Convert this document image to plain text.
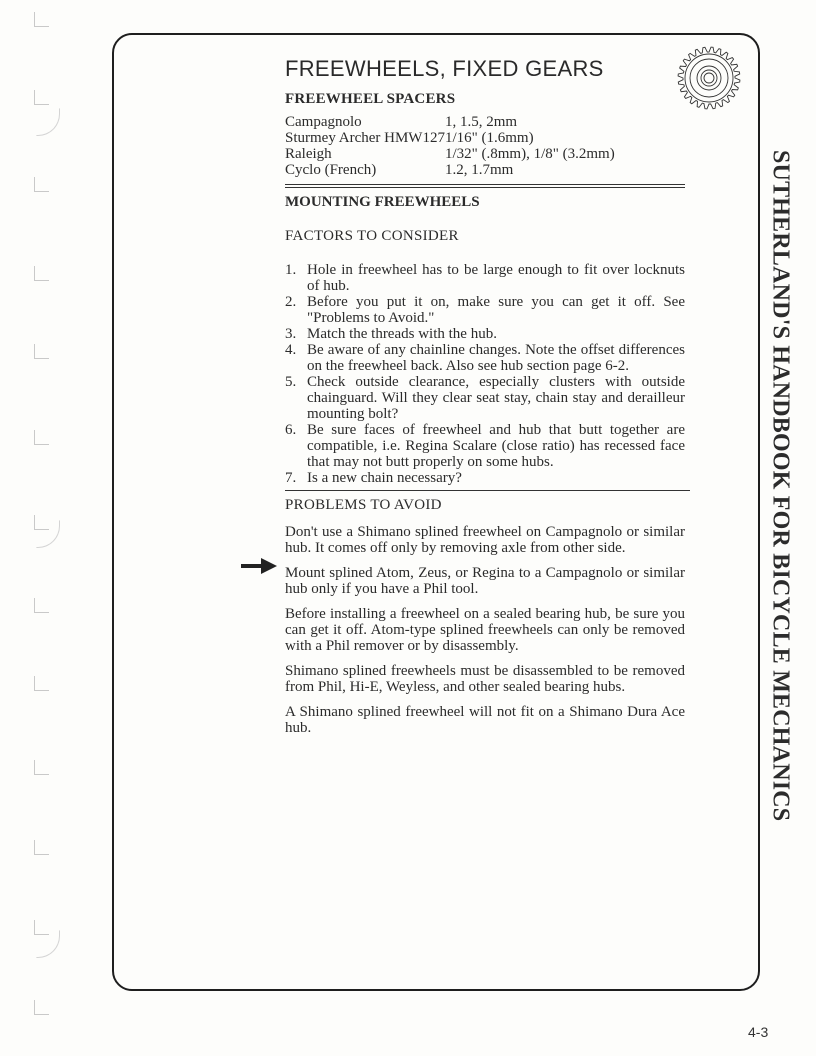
FREEWHEELS, FIXED GEARS
FREEWHEEL SPACERS
Campagnolo	1, 1.5, 2mm
Sturmey Archer HMW127	1/16" (1.6mm)
Raleigh	1/32" (.8mm), 1/8" (3.2mm)
Cyclo (French)	1.2, 1.7mm
MOUNTING FREEWHEELS
FACTORS TO CONSIDER
1. Hole in freewheel has to be large enough to fit over locknuts of hub.
2. Before you put it on, make sure you can get it off. See "Problems to Avoid."
3. Match the threads with the hub.
4. Be aware of any chainline changes. Note the offset differences on the freewheel back. Also see hub section page 6-2.
5. Check outside clearance, especially clusters with outside chainguard. Will they clear seat stay, chain stay and derailleur mounting bolt?
6. Be sure faces of freewheel and hub that butt together are compatible, i.e. Regina Scalare (close ratio) has recessed face that may not butt properly on some hubs.
7. Is a new chain necessary?
PROBLEMS TO AVOID

Don't use a Shimano splined freewheel on Campagnolo or similar hub. It comes off only by removing axle from other side.

Mount splined Atom, Zeus, or Regina to a Campagnolo or similar hub only if you have a Phil tool.

Before installing a freewheel on a sealed bearing hub, be sure you can get it off. Atom-type splined freewheels can only be removed with a Phil remover or by disassembly.

Shimano splined freewheels must be disassembled to be removed from Phil, Hi-E, Weyless, and other sealed bearing hubs.

A Shimano splined freewheel will not fit on a Shimano Dura Ace hub.	SUTHERLAND'S HANDBOOK FOR BICYCLE MECHANICS
4-3
